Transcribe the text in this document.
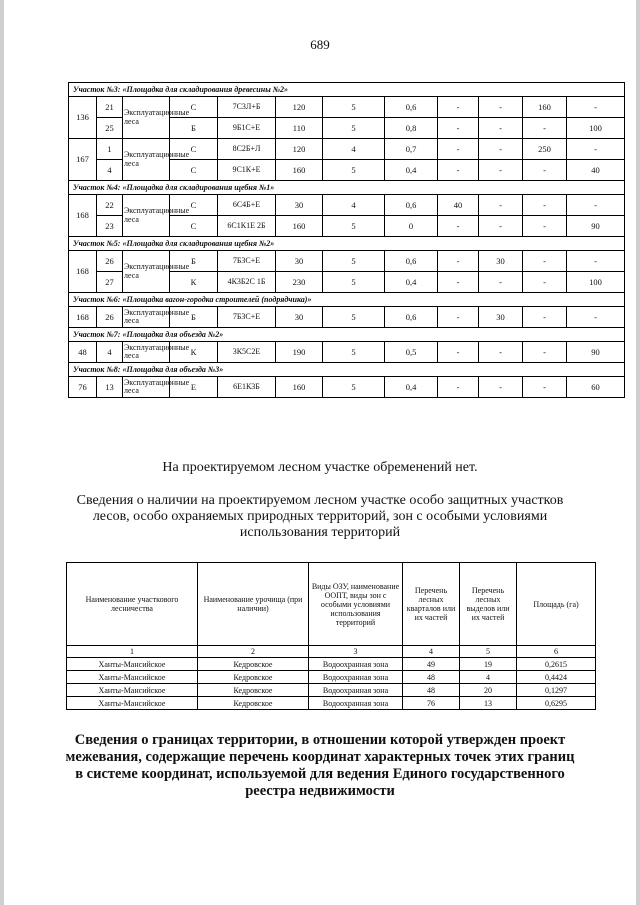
689
Участок №3: «Площадка для складирования древесины №2»											
136	21	Эксплуатационные леса	С	7С3Л+Б	120	5	0,6	-	-	160	-
	25		Б	9Б1С+Е	110	5	0,8	-	-	-	100
167	1	Эксплуатационные леса	С	8С2Б+Л	120	4	0,7	-	-	250	-
	4		С	9С1К+Е	160	5	0,4	-	-	-	40
Участок №4: «Площадка для складирования щебня №1»											
168	22	Эксплуатационные леса	С	6С4Б+Е	30	4	0,6	40	-	-	-
	23		С	6С1К1Е 2Б	160	5	0	-	-	-	90
Участок №5: «Площадка для складирования щебня №2»											
168	26	Эксплуатационные леса	Б	7Б3С+Е	30	5	0,6	-	30	-	-
	27		К	4К3Б2С 1Б	230	5	0,4	-	-	-	100
Участок №6: «Площадка вагон-городка строителей (подрядчика)»											
168	26	Эксплуатационные леса	Б	7Б3С+Е	30	5	0,6	-	30	-	-
Участок №7: «Площадка для объезда №2»											
48	4	Эксплуатационные леса	К	3К5С2Е	190	5	0,5	-	-	-	90
Участок №8: «Площадка для объезда №3»											
76	13	Эксплуатационные леса	Е	6Е1К3Б	160	5	0,4	-	-	-	60

На проектируемом лесном участке обременений нет.

Сведения о наличии на проектируемом лесном участке особо защитных участков лесов, особо охраняемых природных территорий, зон с особыми условиями использования территорий

Наименование участкового лесничества	Наименование урочища (при наличии)	Виды ОЗУ, наименование ООПТ, виды зон с особыми условиями использования территорий	Перечень лесных кварталов или их частей	Перечень лесных выделов или их частей	Площадь (га)
1	2	3	4	5	6
Ханты-Мансийское	Кедровское	Водоохранная зона	49	19	0,2615
Ханты-Мансийское	Кедровское	Водоохранная зона	48	4	0,4424
Ханты-Мансийское	Кедровское	Водоохранная зона	48	20	0,1297
Ханты-Мансийское	Кедровское	Водоохранная зона	76	13	0,6295

Сведения о границах территории, в отношении которой утвержден проект межевания, содержащие перечень координат характерных точек этих границ в системе координат, используемой для ведения Единого государственного реестра недвижимости
